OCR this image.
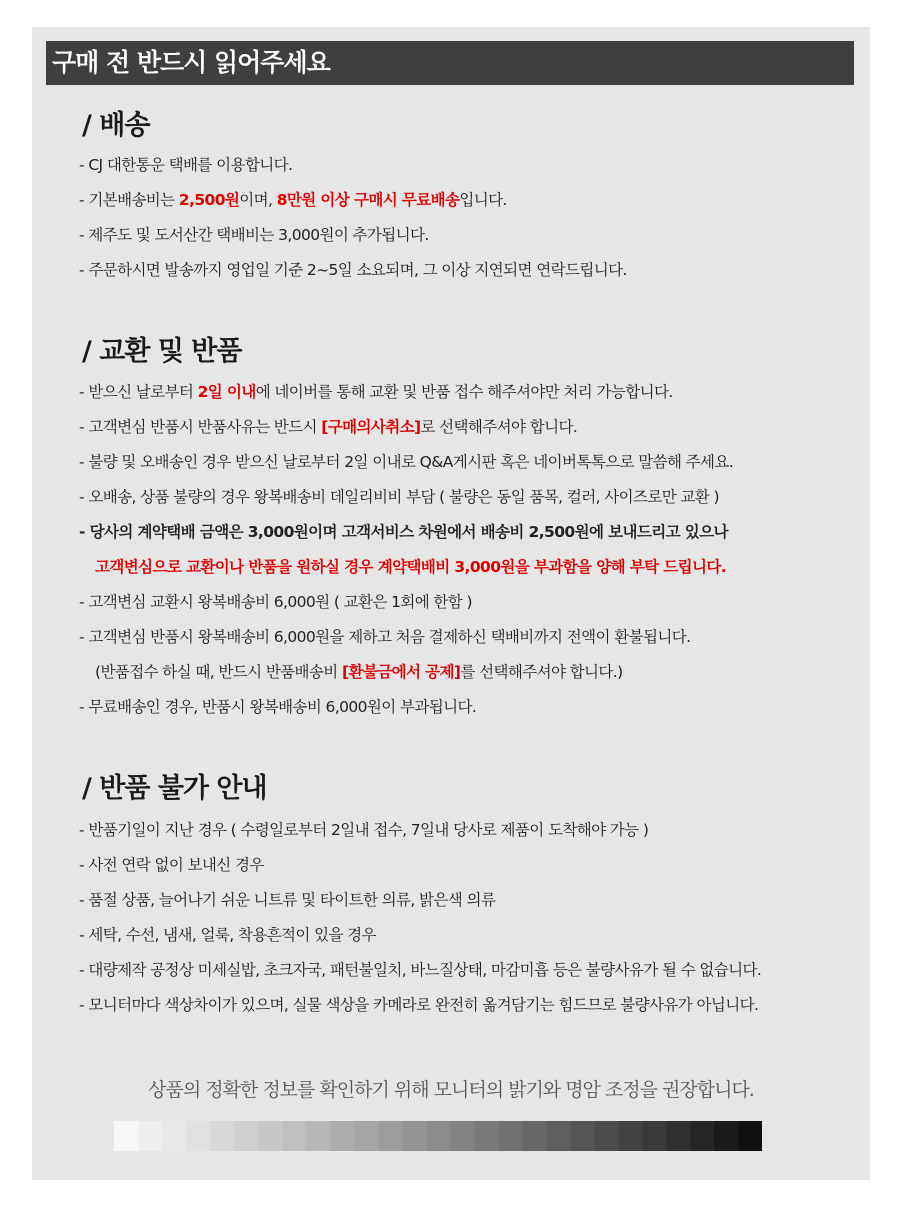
구매 전 반드시 읽어주세요
/ 배송
- CJ 대한통운 택배를 이용합니다.
- 기본배송비는 2,500원이며, 8만원 이상 구매시 무료배송입니다.
- 제주도 및 도서산간 택배비는 3,000원이 추가됩니다.
- 주문하시면 발송까지 영업일 기준 2~5일 소요되며, 그 이상 지연되면 연락드립니다.
/ 교환 및 반품
- 받으신 날로부터 2일 이내에 네이버를 통해 교환 및 반품 접수 해주셔야만 처리 가능합니다.
- 고객변심 반품시 반품사유는 반드시 [구매의사취소]로 선택해주셔야 합니다.
- 불량 및 오배송인 경우 받으신 날로부터 2일 이내로 Q&A게시판 혹은 네이버톡톡으로 말씀해 주세요.
- 오배송, 상품 불량의 경우 왕복배송비 데일리비비 부담 ( 불량은 동일 품목, 컬러, 사이즈로만 교환 )
- 당사의 계약택배 금액은 3,000원이며 고객서비스 차원에서 배송비 2,500원에 보내드리고 있으나
고객변심으로 교환이나 반품을 원하실 경우 계약택배비 3,000원을 부과함을 양해 부탁 드립니다.
- 고객변심 교환시 왕복배송비 6,000원 ( 교환은 1회에 한함 )
- 고객변심 반품시 왕복배송비 6,000원을 제하고 처음 결제하신 택배비까지 전액이 환불됩니다.
(반품접수 하실 때, 반드시 반품배송비 [환불금에서 공제]를 선택해주셔야 합니다.)
- 무료배송인 경우, 반품시 왕복배송비 6,000원이 부과됩니다.
/ 반품 불가 안내
- 반품기일이 지난 경우 ( 수령일로부터 2일내 접수, 7일내 당사로 제품이 도착해야 가능 )
- 사전 연락 없이 보내신 경우
- 품절 상품, 늘어나기 쉬운 니트류 및 타이트한 의류, 밝은색 의류
- 세탁, 수선, 냄새, 얼룩, 착용흔적이 있을 경우
- 대량제작 공정상 미세실밥, 초크자국, 패턴불일치, 바느질상태, 마감미흡 등은 불량사유가 될 수 없습니다.
- 모니터마다 색상차이가 있으며, 실물 색상을 카메라로 완전히 옮겨담기는 힘드므로 불량사유가 아닙니다.
상품의 정확한 정보를 확인하기 위해 모니터의 밝기와 명암 조정을 권장합니다.
